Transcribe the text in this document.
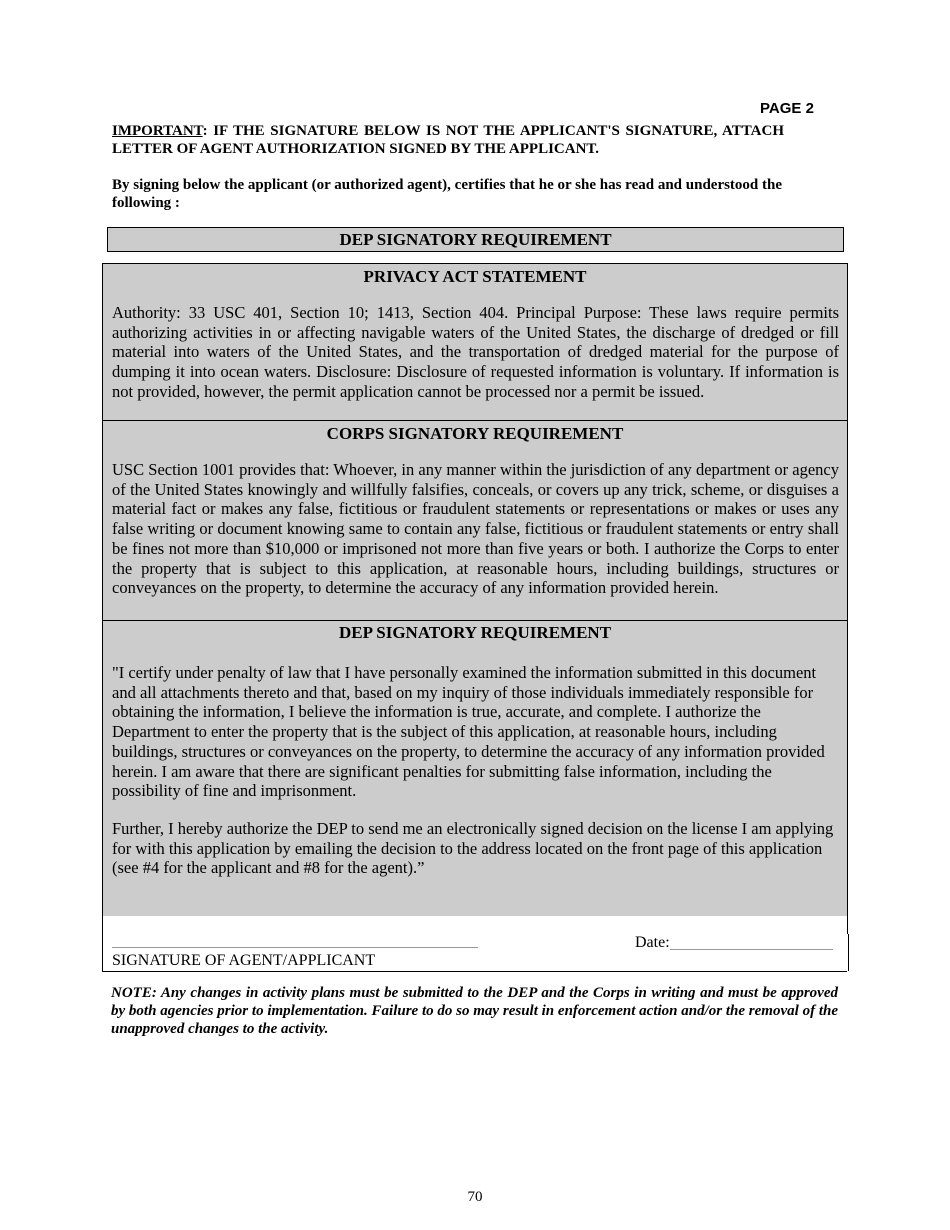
PAGE 2
IMPORTANT: IF THE SIGNATURE BELOW IS NOT THE APPLICANT'S SIGNATURE, ATTACH LETTER OF AGENT AUTHORIZATION SIGNED BY THE APPLICANT.
By signing below the applicant (or authorized agent), certifies that he or she has read and understood the following :
DEP SIGNATORY REQUIREMENT
PRIVACY ACT STATEMENT
Authority: 33 USC 401, Section 10; 1413, Section 404. Principal Purpose: These laws require permits authorizing activities in or affecting navigable waters of the United States, the discharge of dredged or fill material into waters of the United States, and the transportation of dredged material for the purpose of dumping it into ocean waters. Disclosure: Disclosure of requested information is voluntary. If information is not provided, however, the permit application cannot be processed nor a permit be issued.
CORPS SIGNATORY REQUIREMENT
USC Section 1001 provides that: Whoever, in any manner within the jurisdiction of any department or agency of the United States knowingly and willfully falsifies, conceals, or covers up any trick, scheme, or disguises a material fact or makes any false, fictitious or fraudulent statements or representations or makes or uses any false writing or document knowing same to contain any false, fictitious or fraudulent statements or entry shall be fines not more than $10,000 or imprisoned not more than five years or both. I authorize the Corps to enter the property that is subject to this application, at reasonable hours, including buildings, structures or conveyances on the property, to determine the accuracy of any information provided herein.
DEP SIGNATORY REQUIREMENT
"I certify under penalty of law that I have personally examined the information submitted in this document and all attachments thereto and that, based on my inquiry of those individuals immediately responsible for obtaining the information, I believe the information is true, accurate, and complete. I authorize the Department to enter the property that is the subject of this application, at reasonable hours, including buildings, structures or conveyances on the property, to determine the accuracy of any information provided herein. I am aware that there are significant penalties for submitting false information, including the possibility of fine and imprisonment.
Further, I hereby authorize the DEP to send me an electronically signed decision on the license I am applying for with this application by emailing the decision to the address located on the front page of this application (see #4 for the applicant and #8 for the agent).”
SIGNATURE OF AGENT/APPLICANT
Date:
NOTE: Any changes in activity plans must be submitted to the DEP and the Corps in writing and must be approved by both agencies prior to implementation. Failure to do so may result in enforcement action and/or the removal of the unapproved changes to the activity.
70
